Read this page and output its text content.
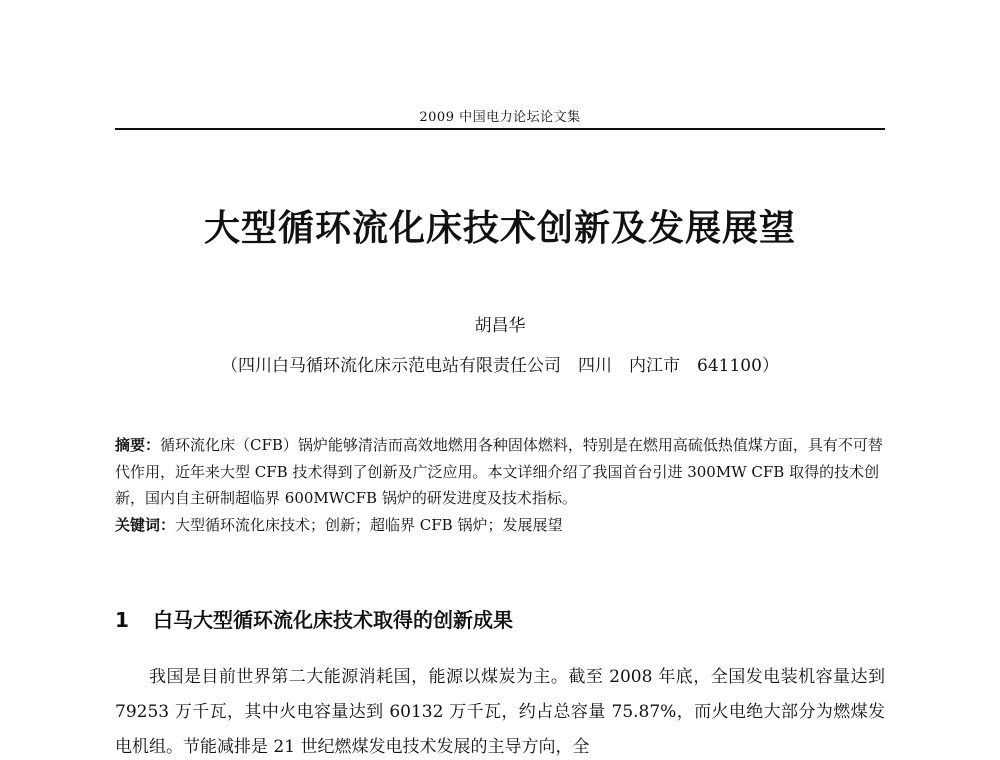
2009 中国电力论坛论文集
大型循环流化床技术创新及发展展望
胡昌华
（四川白马循环流化床示范电站有限责任公司　四川　内江市　641100）

摘要：循环流化床（CFB）锅炉能够清洁而高效地燃用各种固体燃料，特别是在燃用高硫低热值煤方面，具有不可替代作用，近年来大型 CFB 技术得到了创新及广泛应用。本文详细介绍了我国首台引进 300MW CFB 取得的技术创新，国内自主研制超临界 600MWCFB 锅炉的研发进度及技术指标。

关键词：大型循环流化床技术；创新；超临界 CFB 锅炉；发展展望

1 白马大型循环流化床技术取得的创新成果

我国是目前世界第二大能源消耗国，能源以煤炭为主。截至 2008 年底，全国发电装机容量达到 79253 万千瓦，其中火电容量达到 60132 万千瓦，约占总容量 75.87%，而火电绝大部分为燃煤发电机组。节能减排是 21 世纪燃煤发电技术发展的主导方向，全
